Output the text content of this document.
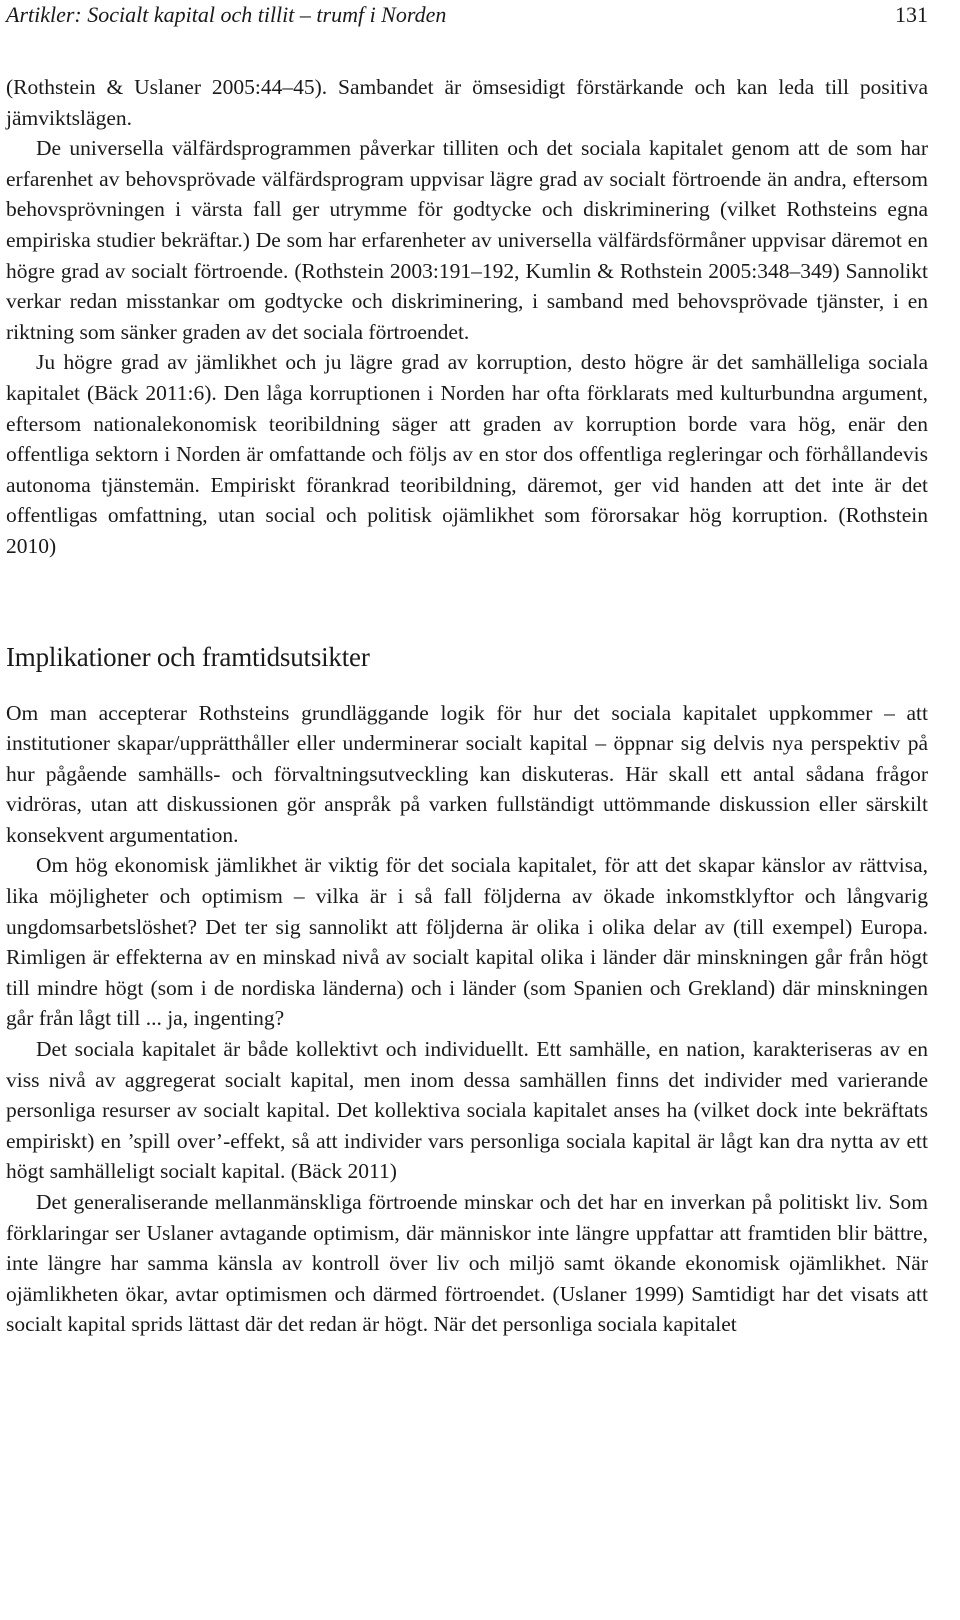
Artikler: Socialt kapital och tillit – trumf i Norden	131

(Rothstein & Uslaner 2005:44–45). Sambandet är ömsesidigt förstärkande och kan leda till positiva jämviktslägen.

De universella välfärdsprogrammen påverkar tilliten och det sociala kapitalet genom att de som har erfarenhet av behovsprövade välfärdsprogram uppvisar lägre grad av socialt förtroende än andra, eftersom behovsprövningen i värsta fall ger utrymme för godtycke och diskriminering (vilket Rothsteins egna empiriska studier bekräftar.) De som har erfarenheter av universella välfärdsförmåner uppvisar däremot en högre grad av socialt förtroende. (Rothstein 2003:191–192, Kumlin & Rothstein 2005:348–349) Sannolikt verkar redan misstankar om godtycke och diskriminering, i samband med behovsprövade tjänster, i en riktning som sänker graden av det sociala förtroendet.

Ju högre grad av jämlikhet och ju lägre grad av korruption, desto högre är det samhälleliga sociala kapitalet (Bäck 2011:6). Den låga korruptionen i Norden har ofta förklarats med kulturbundna argument, eftersom nationalekonomisk teoribildning säger att graden av korruption borde vara hög, enär den offentliga sektorn i Norden är omfattande och följs av en stor dos offentliga regleringar och förhållandevis autonoma tjänstemän. Empiriskt förankrad teoribildning, däremot, ger vid handen att det inte är det offentligas omfattning, utan social och politisk ojämlikhet som förorsakar hög korruption. (Rothstein 2010)

Implikationer och framtidsutsikter

Om man accepterar Rothsteins grundläggande logik för hur det sociala kapitalet uppkommer – att institutioner skapar/upprätthåller eller underminerar socialt kapital – öppnar sig delvis nya perspektiv på hur pågående samhälls- och förvaltningsutveckling kan diskuteras. Här skall ett antal sådana frågor vidröras, utan att diskussionen gör anspråk på varken fullständigt uttömmande diskussion eller särskilt konsekvent argumentation.

Om hög ekonomisk jämlikhet är viktig för det sociala kapitalet, för att det skapar känslor av rättvisa, lika möjligheter och optimism – vilka är i så fall följderna av ökade inkomstklyftor och långvarig ungdomsarbetslöshet? Det ter sig sannolikt att följderna är olika i olika delar av (till exempel) Europa. Rimligen är effekterna av en minskad nivå av socialt kapital olika i länder där minskningen går från högt till mindre högt (som i de nordiska länderna) och i länder (som Spanien och Grekland) där minskningen går från lågt till ... ja, ingenting?

Det sociala kapitalet är både kollektivt och individuellt. Ett samhälle, en nation, karakteriseras av en viss nivå av aggregerat socialt kapital, men inom dessa samhällen finns det individer med varierande personliga resurser av socialt kapital. Det kollektiva sociala kapitalet anses ha (vilket dock inte bekräftats empiriskt) en ’spill over’-effekt, så att individer vars personliga sociala kapital är lågt kan dra nytta av ett högt samhälleligt socialt kapital. (Bäck 2011)

Det generaliserande mellanmänskliga förtroende minskar och det har en inverkan på politiskt liv. Som förklaringar ser Uslaner avtagande optimism, där människor inte längre uppfattar att framtiden blir bättre, inte längre har samma känsla av kontroll över liv och miljö samt ökande ekonomisk ojämlikhet. När ojämlikheten ökar, avtar optimismen och därmed förtroendet. (Uslaner 1999) Samtidigt har det visats att socialt kapital sprids lättast där det redan är högt. När det personliga sociala kapitalet
